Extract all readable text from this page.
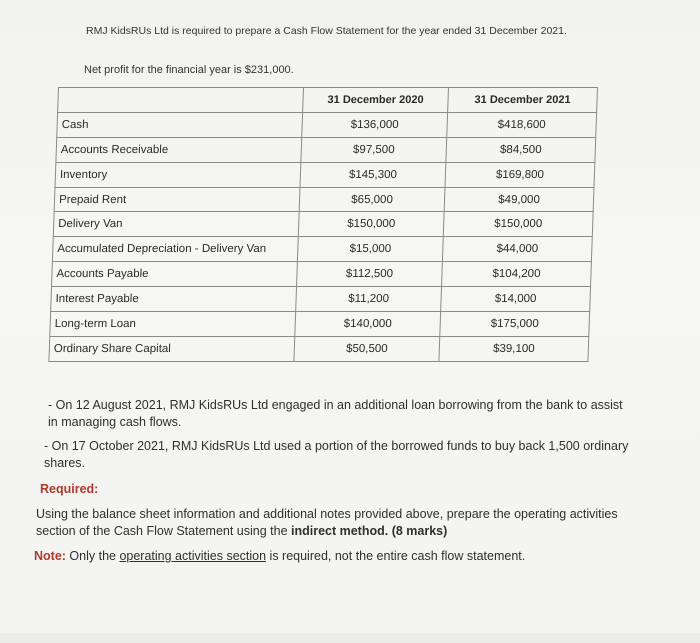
RMJ KidsRUs Ltd is required to prepare a Cash Flow Statement for the year ended 31 December 2021.
Net profit for the financial year is $231,000.
	31 December 2020	31 December 2021
Cash	$136,000	$418,600
Accounts Receivable	$97,500	$84,500
Inventory	$145,300	$169,800
Prepaid Rent	$65,000	$49,000
Delivery Van	$150,000	$150,000
Accumulated Depreciation - Delivery Van	$15,000	$44,000
Accounts Payable	$112,500	$104,200
Interest Payable	$11,200	$14,000
Long-term Loan	$140,000	$175,000
Ordinary Share Capital	$50,500	$39,100
- On 12 August 2021, RMJ KidsRUs Ltd engaged in an additional loan borrowing from the bank to assist in managing cash flows.
- On 17 October 2021, RMJ KidsRUs Ltd used a portion of the borrowed funds to buy back 1,500 ordinary shares.
Required:
Using the balance sheet information and additional notes provided above, prepare the operating activities section of the Cash Flow Statement using the indirect method. (8 marks)
Note: Only the operating activities section is required, not the entire cash flow statement.
